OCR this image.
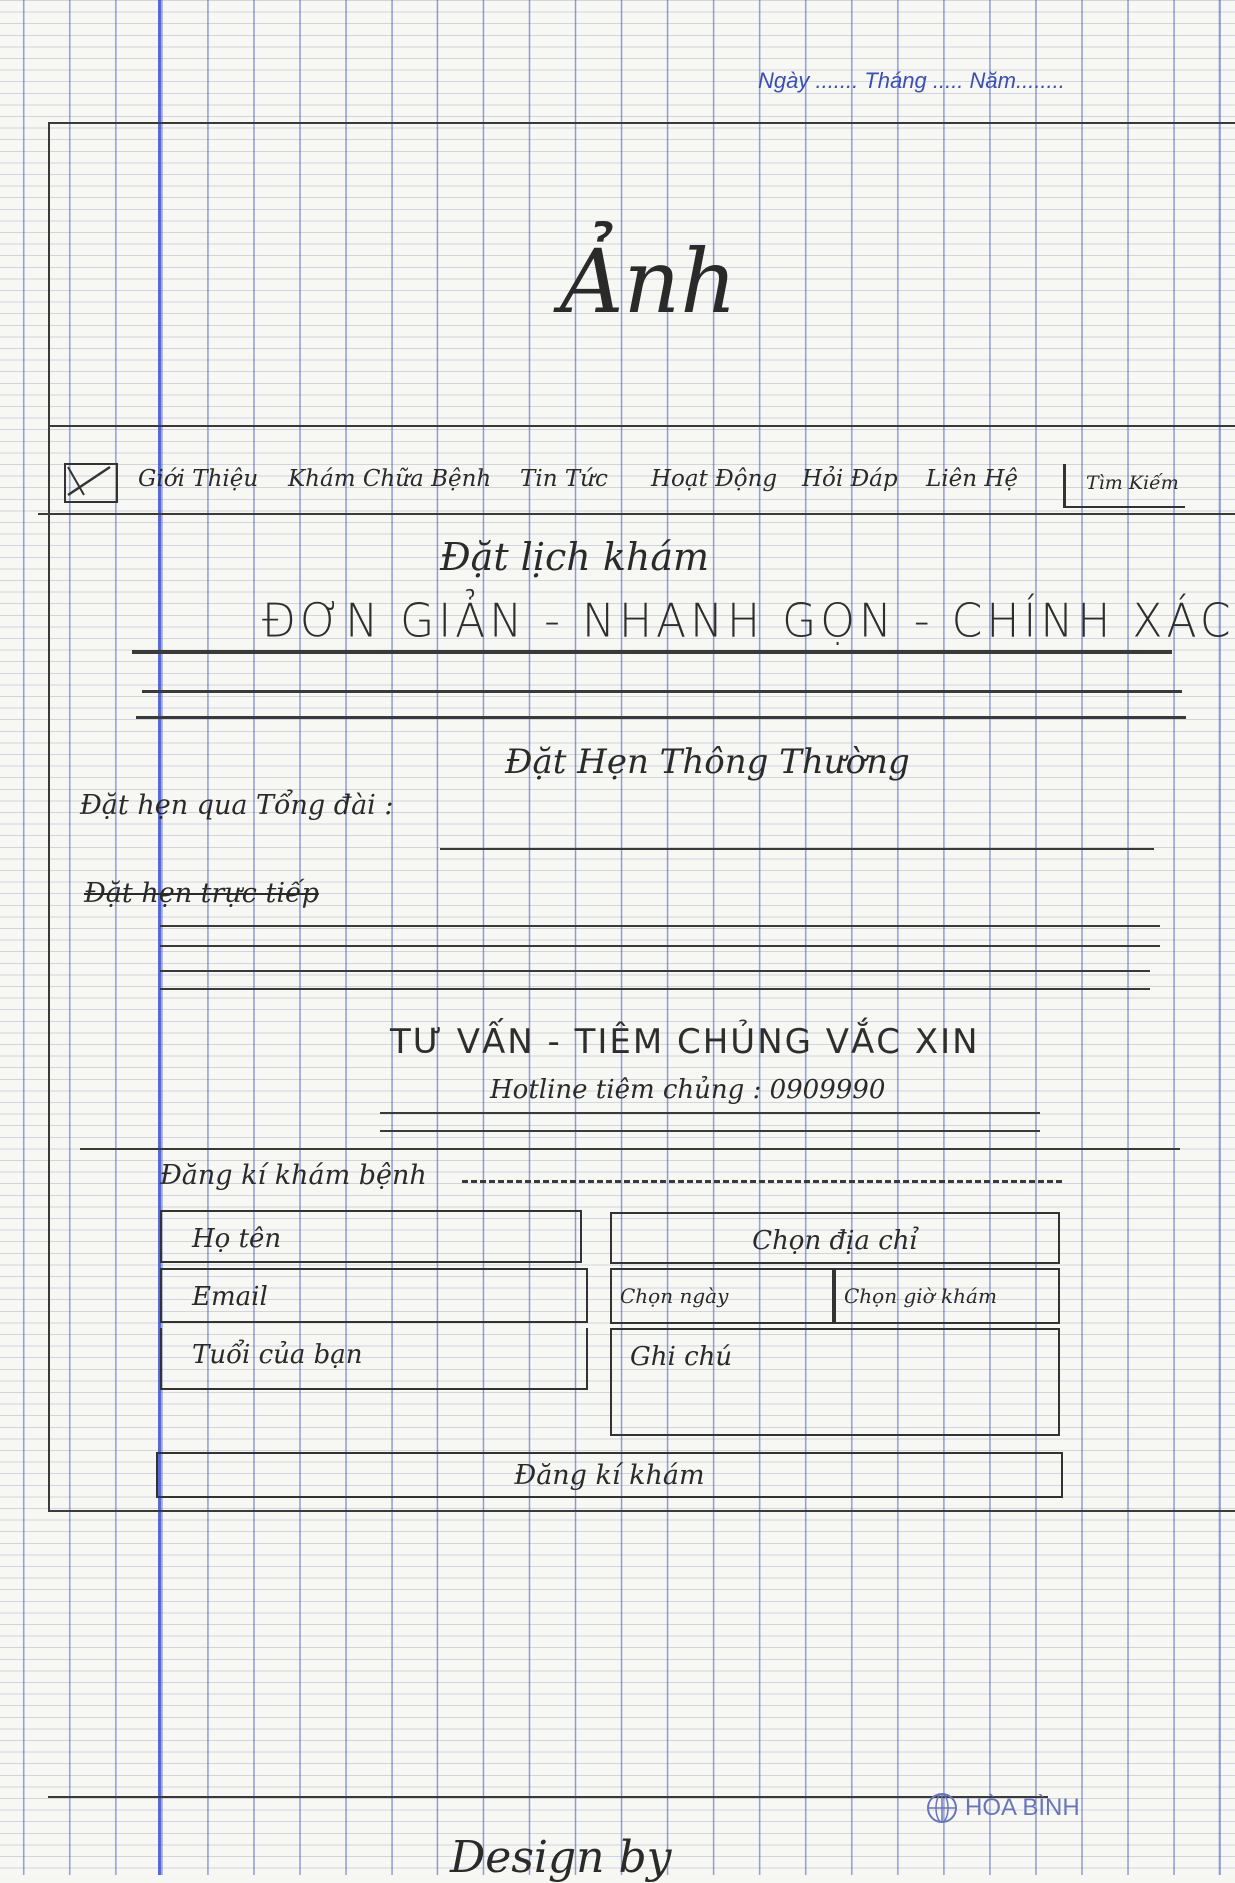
Ngày ....... Tháng ..... Năm........
Ảnh
Giới Thiệu Khám Chữa Bệnh Tin Tức Hoạt Động Hỏi Đáp Liên Hệ	Tìm Kiếm
Đặt lịch khám
ĐƠN GIẢN - NHANH GỌN - CHÍNH XÁC
Đặt Hẹn Thông Thường
Đặt hẹn qua Tổng đài :
Đặt hẹn trực tiếp
TƯ VẤN - TIÊM CHỦNG VẮC XIN
Hotline tiêm chủng : 0909990
Đăng kí khám bệnh
Họ tên
Email
Tuổi của bạn
Chọn địa chỉ
Chọn ngày	Chọn giờ khám
Ghi chú
Đăng kí khám
HÒA BÌNH
Design by
